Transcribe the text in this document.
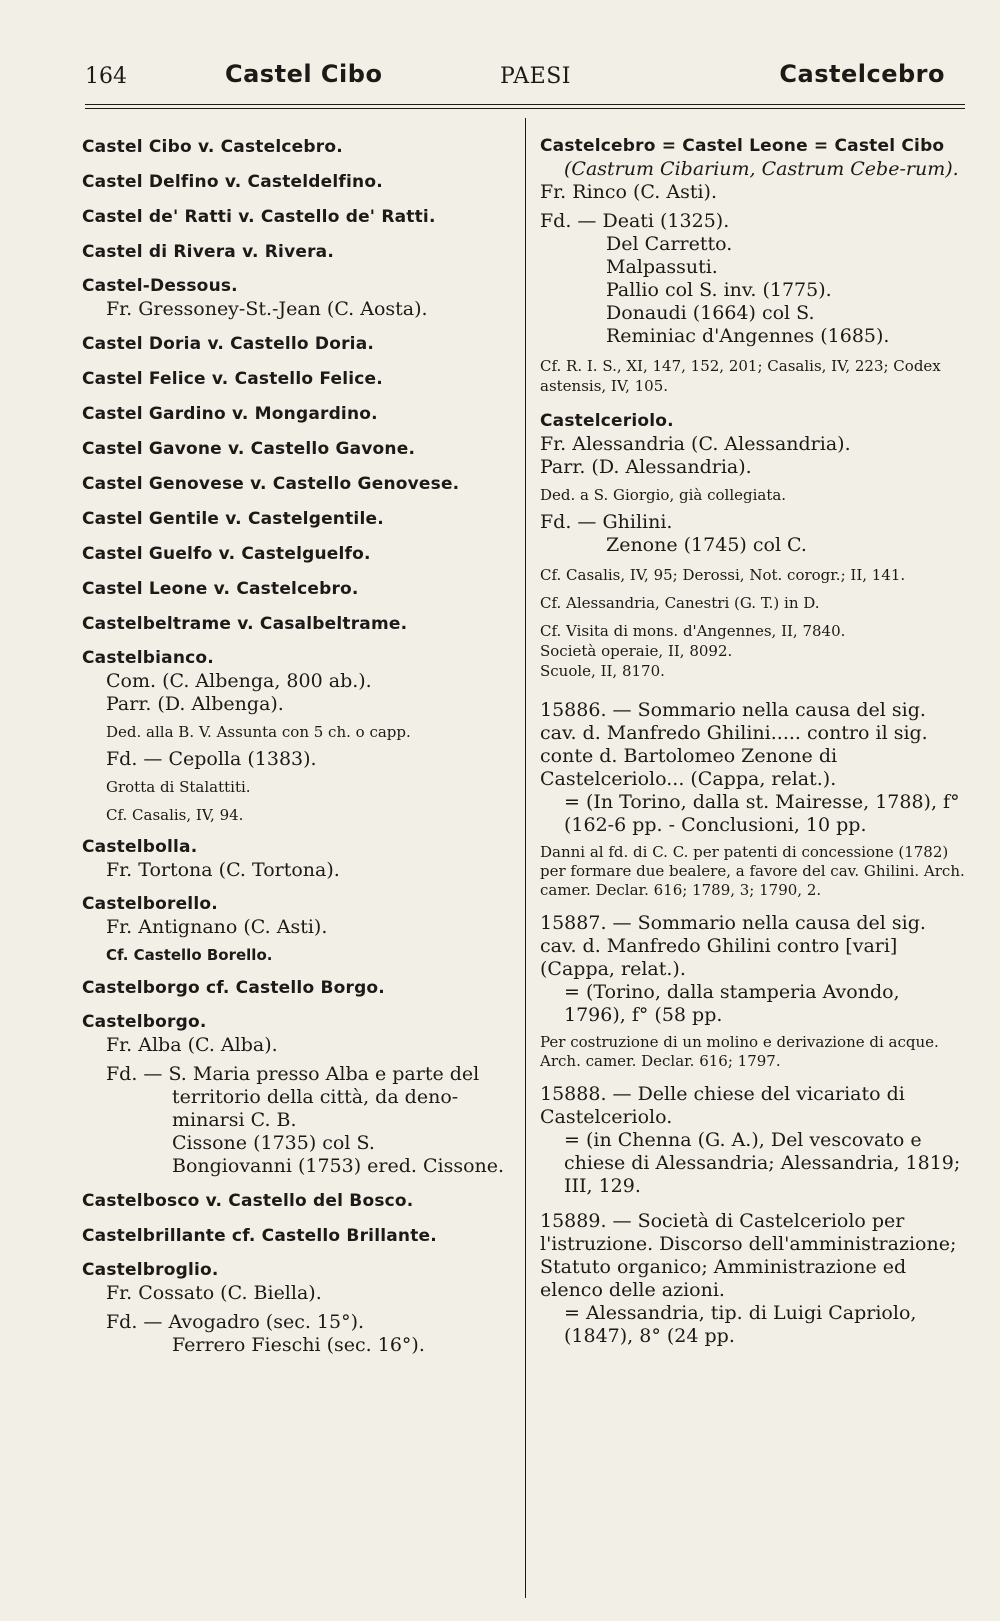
164	Castel Cibo	PAESI	Castelcebro
Castel Cibo v. Castelcebro.
Castel Delfino v. Casteldelfino.
Castel de' Ratti v. Castello de' Ratti.
Castel di Rivera v. Rivera.
Castel-Dessous.
Fr. Gressoney-St.-Jean (C. Aosta).
Castel Doria v. Castello Doria.
Castel Felice v. Castello Felice.
Castel Gardino v. Mongardino.
Castel Gavone v. Castello Gavone.
Castel Genovese v. Castello Genovese.
Castel Gentile v. Castelgentile.
Castel Guelfo v. Castelguelfo.
Castel Leone v. Castelcebro.
Castelbeltrame v. Casalbeltrame.
Castelbianco.
Com. (C. Albenga, 800 ab.).
Parr. (D. Albenga).
Ded. alla B. V. Assunta con 5 ch. o capp.
Fd. — Cepolla (1383).
Grotta di Stalattiti.
Cf. Casalis, IV, 94.
Castelbolla.
Fr. Tortona (C. Tortona).
Castelborello.
Fr. Antignano (C. Asti).
Cf. Castello Borello.
Castelborgo cf. Castello Borgo.
Castelborgo.
Fr. Alba (C. Alba).
Fd. — S. Maria presso Alba e parte del
territorio della città, da deno-
minarsi C. B.
Cissone (1735) col S.
Bongiovanni (1753) ered. Cissone.
Castelbosco v. Castello del Bosco.
Castelbrillante cf. Castello Brillante.
Castelbroglio.
Fr. Cossato (C. Biella).
Fd. — Avogadro (sec. 15°).
Ferrero Fieschi (sec. 16°).
Castelcebro = Castel Leone = Castel Cibo
(Castrum Cibarium, Castrum Cebe-rum).
Fr. Rinco (C. Asti).
Fd. — Deati (1325).
Del Carretto.
Malpassuti.
Pallio col S. inv. (1775).
Donaudi (1664) col S.
Reminiac d'Angennes (1685).
Cf. R. I. S., XI, 147, 152, 201; Casalis, IV, 223; Codex astensis, IV, 105.
Castelceriolo.
Fr. Alessandria (C. Alessandria).
Parr. (D. Alessandria).
Ded. a S. Giorgio, già collegiata.
Fd. — Ghilini.
Zenone (1745) col C.
Cf. Casalis, IV, 95; Derossi, Not. corogr.; II, 141.
Cf. Alessandria, Canestri (G. T.) in D.
Cf. Visita di mons. d'Angennes, II, 7840.
Società operaie, II, 8092.
Scuole, II, 8170.
15886. — Sommario nella causa del sig. cav. d. Manfredo Ghilini..... contro il sig. conte d. Bartolomeo Zenone di Castelceriolo... (Cappa, relat.).
= (In Torino, dalla st. Mairesse, 1788), f° (162-6 pp. - Conclusioni, 10 pp.
Danni al fd. di C. C. per patenti di concessione (1782) per formare due bealere, a favore del cav. Ghilini. Arch. camer. Declar. 616; 1789, 3; 1790, 2.
15887. — Sommario nella causa del sig. cav. d. Manfredo Ghilini contro [vari] (Cappa, relat.).
= (Torino, dalla stamperia Avondo, 1796), f° (58 pp.
Per costruzione di un molino e derivazione di acque. Arch. camer. Declar. 616; 1797.
15888. — Delle chiese del vicariato di Castelceriolo.
= (in Chenna (G. A.), Del vescovato e chiese di Alessandria; Alessandria, 1819; III, 129.
15889. — Società di Castelceriolo per l'istruzione. Discorso dell'amministrazione; Statuto organico; Amministrazione ed elenco delle azioni.
= Alessandria, tip. di Luigi Capriolo, (1847), 8° (24 pp.
